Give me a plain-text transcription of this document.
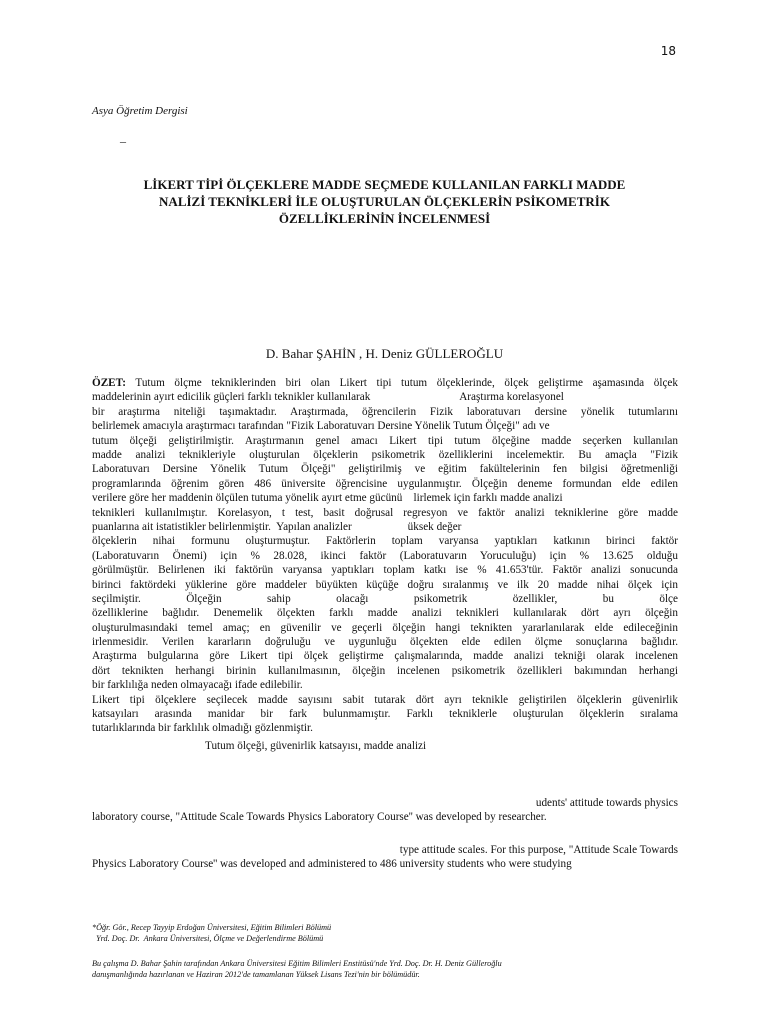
18
Asya Öğretim Dergisi
_
LİKERT TİPİ ÖLÇEKLERE MADDE SEÇMEDE KULLANILAN FARKLI MADDE
NALİZİ TEKNİKLERİ İLE OLUŞTURULAN ÖLÇEKLERİN PSİKOMETRİK
ÖZELLİKLERİNİN İNCELENMESİ
D. Bahar ŞAHİN , H. Deniz GÜLLEROĞLU
ÖZET: Tutum ölçme tekniklerinden biri olan Likert tipi tutum ölçeklerinde, ölçek geliştirme aşamasında ölçek
maddelerinin ayırt edicilik güçleri farklı teknikler kullanılarak                                Araştırma korelasyonel
bir araştırma niteliği taşımaktadır. Araştırmada, öğrencilerin Fizik laboratuvarı dersine yönelik tutumlarını
belirlemek amacıyla araştırmacı tarafından "Fizik Laboratuvarı Dersine Yönelik Tutum Ölçeği" adı ve
tutum ölçeği geliştirilmiştir. Araştırmanın genel amacı Likert tipi tutum ölçeğine madde seçerken kullanılan
madde analizi teknikleriyle oluşturulan ölçeklerin psikometrik özelliklerini incelemektir. Bu amaçla "Fizik
Laboratuvarı Dersine Yönelik Tutum Ölçeği" geliştirilmiş ve eğitim fakültelerinin fen bilgisi öğretmenliği
programlarında öğrenim gören 486 üniversite öğrencisine uygulanmıştır. Ölçeğin deneme formundan elde edilen
verilere göre her maddenin ölçülen tutuma yönelik ayırt etme gücünü    lirlemek için farklı madde analizi
teknikleri kullanılmıştır. Korelasyon, t test, basit doğrusal regresyon ve faktör analizi tekniklerine göre madde
puanlarına ait istatistikler belirlenmiştir.  Yapılan analizler                    üksek değer
ölçeklerin nihai formunu oluşturmuştur. Faktörlerin toplam varyansa yaptıkları katkının birinci faktör
(Laboratuvarın Önemi) için % 28.028, ikinci faktör (Laboratuvarın Yoruculuğu) için % 13.625 olduğu
görülmüştür. Belirlenen iki faktörün varyansa yaptıkları toplam katkı ise % 41.653'tür. Faktör analizi sonucunda
birinci faktördeki yüklerine göre maddeler büyükten küçüğe doğru sıralanmış ve ilk 20 madde nihai ölçek için
seçilmiştir. Ölçeğin sahip olacağı psikometrik özellikler, bu ölçe
özelliklerine bağlıdır. Denemelik ölçekten farklı madde analizi teknikleri kullanılarak dört ayrı ölçeğin
oluşturulmasındaki temel amaç; en güvenilir ve geçerli ölçeğin hangi teknikten yararlanılarak elde edileceğinin
irlenmesidir. Verilen kararların doğruluğu ve uygunluğu ölçekten elde edilen ölçme sonuçlarına bağlıdır.
Araştırma bulgularına göre Likert tipi ölçek geliştirme çalışmalarında, madde analizi tekniği olarak incelenen
dört teknikten herhangi birinin kullanılmasının, ölçeğin incelenen psikometrik özellikleri bakımından herhangi
bir farklılığa neden olmayacağı ifade edilebilir.
Likert tipi ölçeklere seçilecek madde sayısını sabit tutarak dört ayrı teknikle geliştirilen ölçeklerin güvenirlik
katsayıları arasında manidar bir fark bulunmamıştır. Farklı tekniklerle oluşturulan ölçeklerin sıralama
tutarlıklarında bir farklılık olmadığı gözlenmiştir.
Tutum ölçeği, güvenirlik katsayısı, madde analizi
udents' attitude towards physics
laboratory course, "Attitude Scale Towards Physics Laboratory Course'' was developed by researcher.
type attitude scales. For this purpose, "Attitude Scale Towards
Physics Laboratory Course'' was developed and administered to 486 university students who were studying
*Öğr. Gör., Recep Tayyip Erdoğan Üniversitesi, Eğitim Bilimleri Bölümü
Yrd. Doç. Dr.  Ankara Üniversitesi, Ölçme ve Değerlendirme Bölümü
Bu çalışma D. Bahar Şahin tarafından Ankara Üniversitesi Eğitim Bilimleri Enstitüsü'nde Yrd. Doç. Dr. H. Deniz Gülleroğlu
danışmanlığında hazırlanan ve Haziran 2012'de tamamlanan Yüksek Lisans Tezi'nin bir bölümüdür.
